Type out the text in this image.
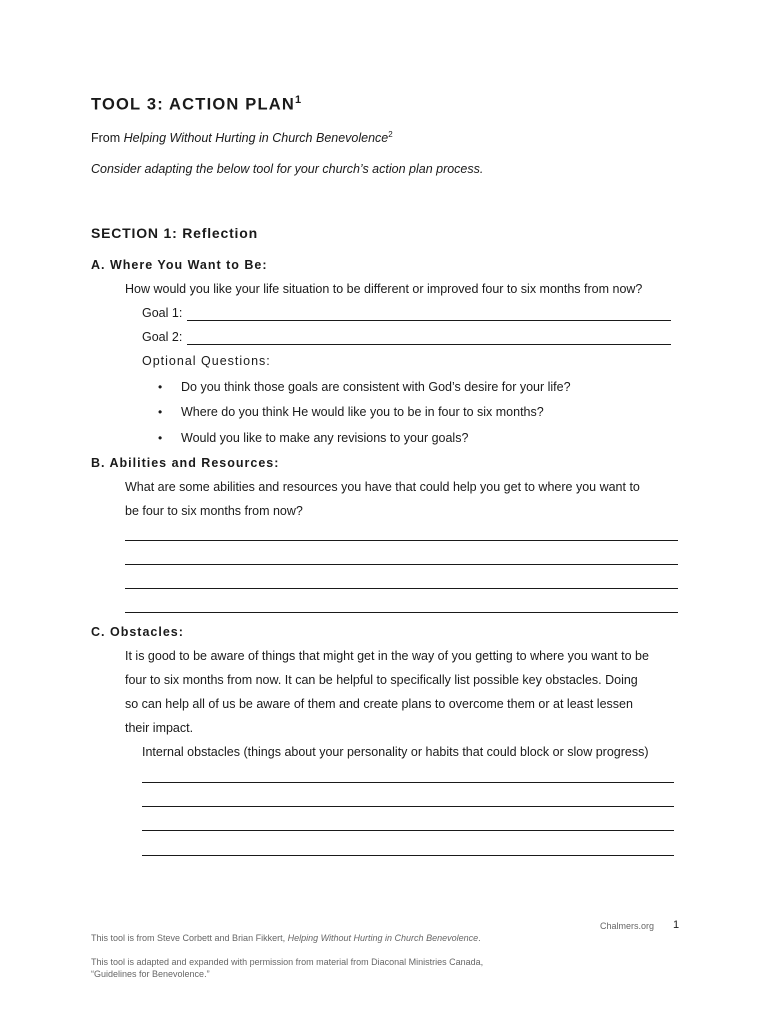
TOOL 3: ACTION PLAN$^1$
From Helping Without Hurting in Church Benevolence$^2$
Consider adapting the below tool for your church’s action plan process.
SECTION 1: Reflection
A. Where You Want to Be:
How would you like your life situation to be different or improved four to six months from now?
Goal 1:
Goal 2:
Optional Questions:
• Do you think those goals are consistent with God’s desire for your life?
• Where do you think He would like you to be in four to six months?
• Would you like to make any revisions to your goals?
B. Abilities and Resources:
What are some abilities and resources you have that could help you get to where you want to
be four to six months from now?
C. Obstacles:
It is good to be aware of things that might get in the way of you getting to where you want to be
four to six months from now. It can be helpful to specifically list possible key obstacles. Doing
so can help all of us be aware of them and create plans to overcome them or at least lessen
their impact.
Internal obstacles (things about your personality or habits that could block or slow progress)
Chalmers.org 1
This tool is from Steve Corbett and Brian Fikkert, Helping Without Hurting in Church Benevolence.
This tool is adapted and expanded with permission from material from Diaconal Ministries Canada,
“Guidelines for Benevolence.”
